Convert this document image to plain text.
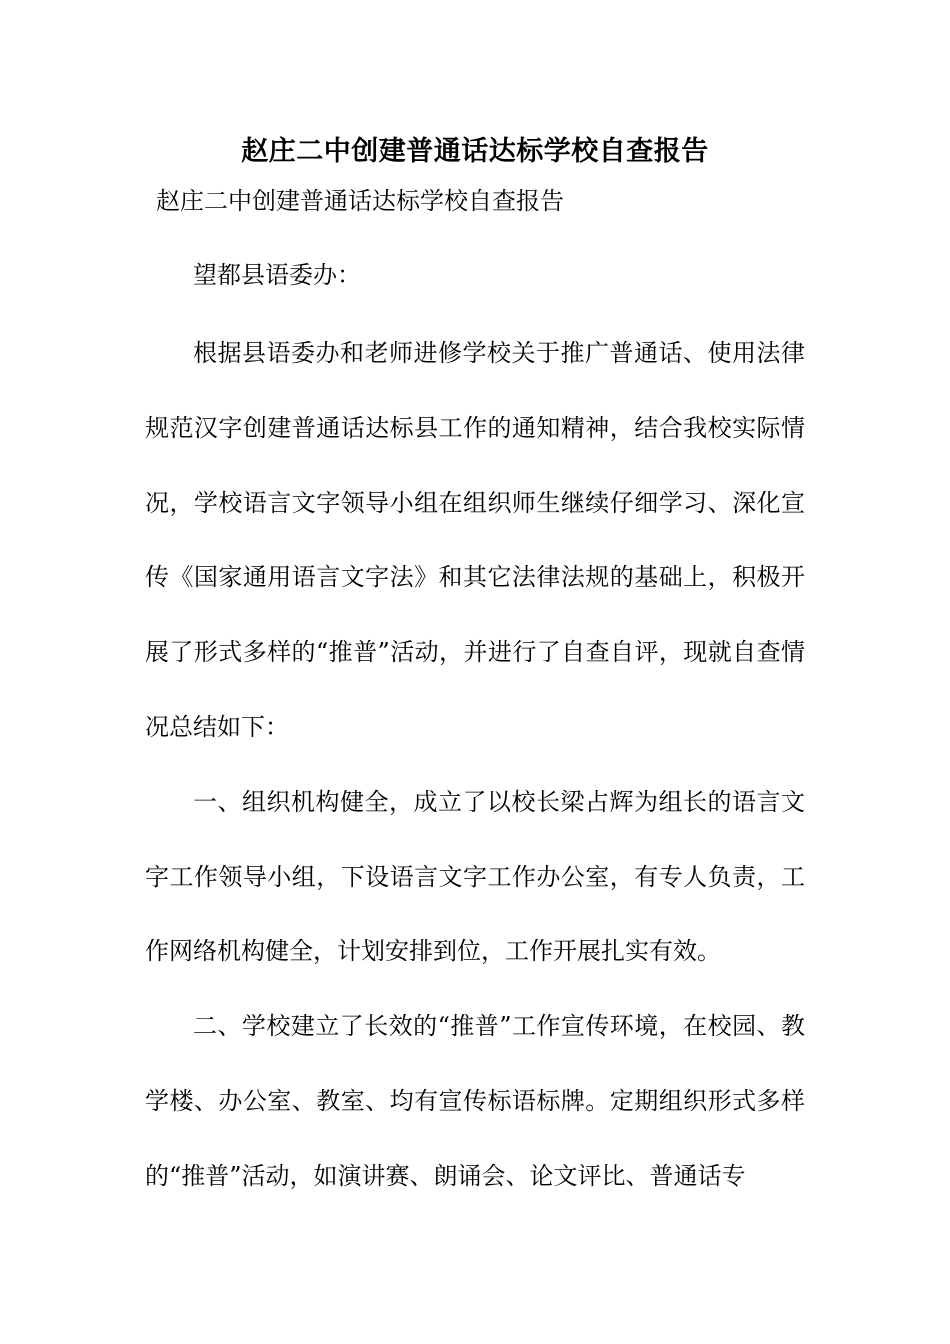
赵庄二中创建普通话达标学校自查报告

赵庄二中创建普通话达标学校自查报告

望都县语委办：

根据县语委办和老师进修学校关于推广普通话、使用法律规范汉字创建普通话达标县工作的通知精神，结合我校实际情况，学校语言文字领导小组在组织师生继续仔细学习、深化宣传《国家通用语言文字法》和其它法律法规的基础上，积极开展了形式多样的“推普”活动，并进行了自查自评，现就自查情况总结如下：

一、组织机构健全，成立了以校长梁占辉为组长的语言文字工作领导小组，下设语言文字工作办公室，有专人负责，工作网络机构健全，计划安排到位，工作开展扎实有效。

二、学校建立了长效的“推普”工作宣传环境，在校园、教学楼、办公室、教室、均有宣传标语标牌。定期组织形式多样的“推普”活动，如演讲赛、朗诵会、论文评比、普通话专
